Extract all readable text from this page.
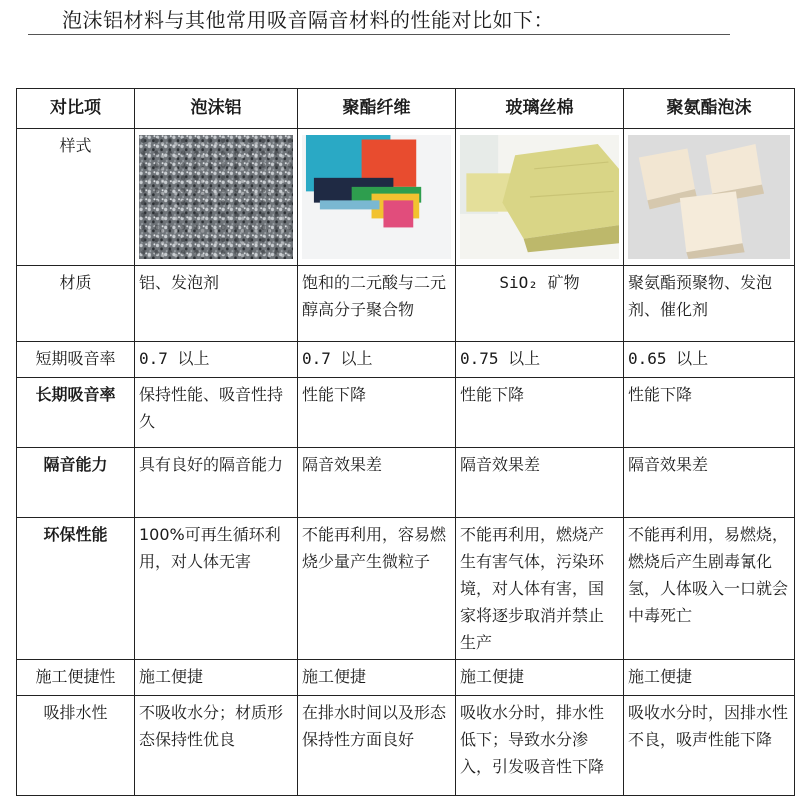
泡沫铝材料与其他常用吸音隔音材料的性能对比如下：
对比项	泡沫铝	聚酯纤维	玻璃丝棉	聚氨酯泡沫
样式	

材质	铝、发泡剂	饱和的二元酸与二元醇高分子聚合物	SiO₂ 矿物	聚氨酯预聚物、发泡剂、催化剂
短期吸音率	0.7 以上	0.7 以上	0.75 以上	0.65 以上
长期吸音率	保持性能、吸音性持久	性能下降	性能下降	性能下降
隔音能力	具有良好的隔音能力	隔音效果差	隔音效果差	隔音效果差
环保性能	100%可再生循环利用，对人体无害	不能再利用，容易燃烧少量产生微粒子	不能再利用，燃烧产生有害气体，污染环境，对人体有害，国家将逐步取消并禁止生产	不能再利用，易燃烧，燃烧后产生剧毒氰化氢，人体吸入一口就会中毒死亡
施工便捷性	施工便捷	施工便捷	施工便捷	施工便捷
吸排水性	不吸收水分；材质形态保持性优良	在排水时间以及形态保持性方面良好	吸收水分时，排水性低下；导致水分渗入，引发吸音性下降	吸收水分时，因排水性不良，吸声性能下降
